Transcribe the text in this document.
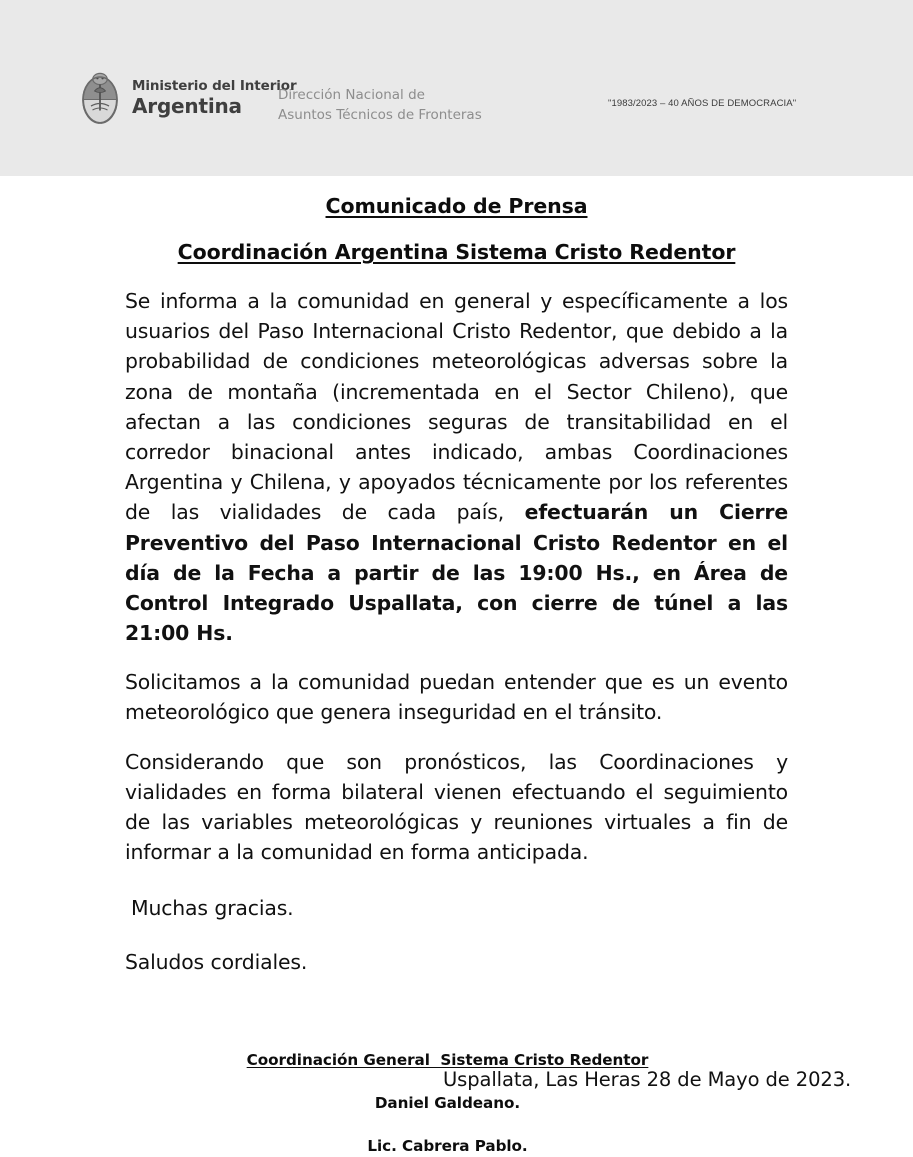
Ministerio del Interior
Argentina	Dirección Nacional de
Asuntos Técnicos de Fronteras
"1983/2023 – 40 AÑOS DE DEMOCRACIA"
Comunicado de Prensa
Coordinación Argentina Sistema Cristo Redentor

Se informa a la comunidad en general y específicamente a los usuarios del Paso Internacional Cristo Redentor, que debido a la probabilidad de condiciones meteorológicas adversas sobre la zona de montaña (incrementada en el Sector Chileno), que afectan a las condiciones seguras de transitabilidad en el corredor binacional antes indicado, ambas Coordinaciones Argentina y Chilena, y apoyados técnicamente por los referentes de las vialidades de cada país, efectuarán un Cierre Preventivo del Paso Internacional Cristo Redentor en el día de la Fecha a partir de las 19:00 Hs., en Área de Control Integrado Uspallata, con cierre de túnel a las 21:00 Hs.

Solicitamos a la comunidad puedan entender que es un evento meteorológico que genera inseguridad en el tránsito.

Considerando que son pronósticos, las Coordinaciones y vialidades en forma bilateral vienen efectuando el seguimiento de las variables meteorológicas y reuniones virtuales a fin de informar a la comunidad en forma anticipada.

Muchas gracias.

Saludos cordiales.

Coordinación General  Sistema Cristo Redentor
Daniel Galdeano.
Lic. Cabrera Pablo.
Uspallata, Las Heras 28 de Mayo de 2023.
